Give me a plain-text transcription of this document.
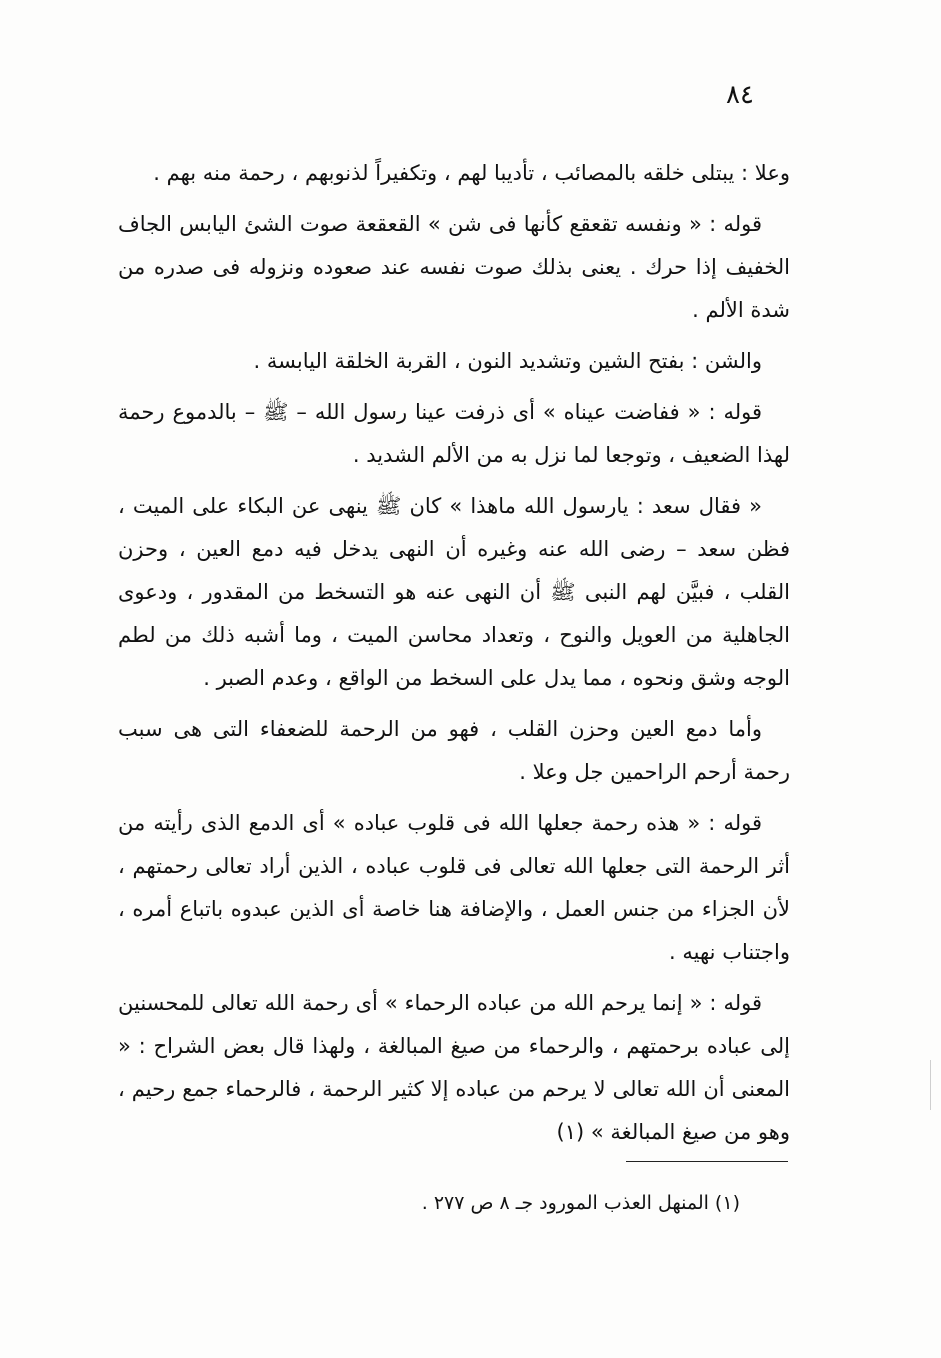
٨٤

وعلا : يبتلى خلقه بالمصائب ، تأديبا لهم ، وتكفيراً لذنوبهم ، رحمة منه بهم .

قوله : « ونفسه تقعقع كأنها فى شن » القعقعة صوت الشئ اليابس الجاف الخفيف إذا حرك . يعنى بذلك صوت نفسه عند صعوده ونزوله فى صدره من شدة الألم .

والشن : بفتح الشين وتشديد النون ، القربة الخلقة اليابسة .

قوله : « ففاضت عيناه » أى ذرفت عينا رسول الله – ﷺ – بالدموع رحمة لهذا الضعيف ، وتوجعا لما نزل به من الألم الشديد .

« فقال سعد : يارسول الله ماهذا » كان ﷺ ينهى عن البكاء على الميت ، فظن سعد – رضى الله عنه وغيره أن النهى يدخل فيه دمع العين ، وحزن القلب ، فبيَّن لهم النبى ﷺ أن النهى عنه هو التسخط من المقدور ، ودعوى الجاهلية من العويل والنوح ، وتعداد محاسن الميت ، وما أشبه ذلك من لطم الوجه وشق ونحوه ، مما يدل على السخط من الواقع ، وعدم الصبر .

وأما دمع العين وحزن القلب ، فهو من الرحمة للضعفاء التى هى سبب رحمة أرحم الراحمين جل وعلا .

قوله : « هذه رحمة جعلها الله فى قلوب عباده » أى الدمع الذى رأيته من أثر الرحمة التى جعلها الله تعالى فى قلوب عباده ، الذين أراد تعالى رحمتهم ، لأن الجزاء من جنس العمل ، والإضافة هنا خاصة أى الذين عبدوه باتباع أمره ، واجتناب نهيه .

قوله : « إنما يرحم الله من عباده الرحماء » أى رحمة الله تعالى للمحسنين إلى عباده برحمتهم ، والرحماء من صيغ المبالغة ، ولهذا قال بعض الشراح : « المعنى أن الله تعالى لا يرحم من عباده إلا كثير الرحمة ، فالرحماء جمع رحيم ، وهو من صيغ المبالغة » (١)

(١) المنهل العذب المورود جـ ٨ ص ٢٧٧ .
